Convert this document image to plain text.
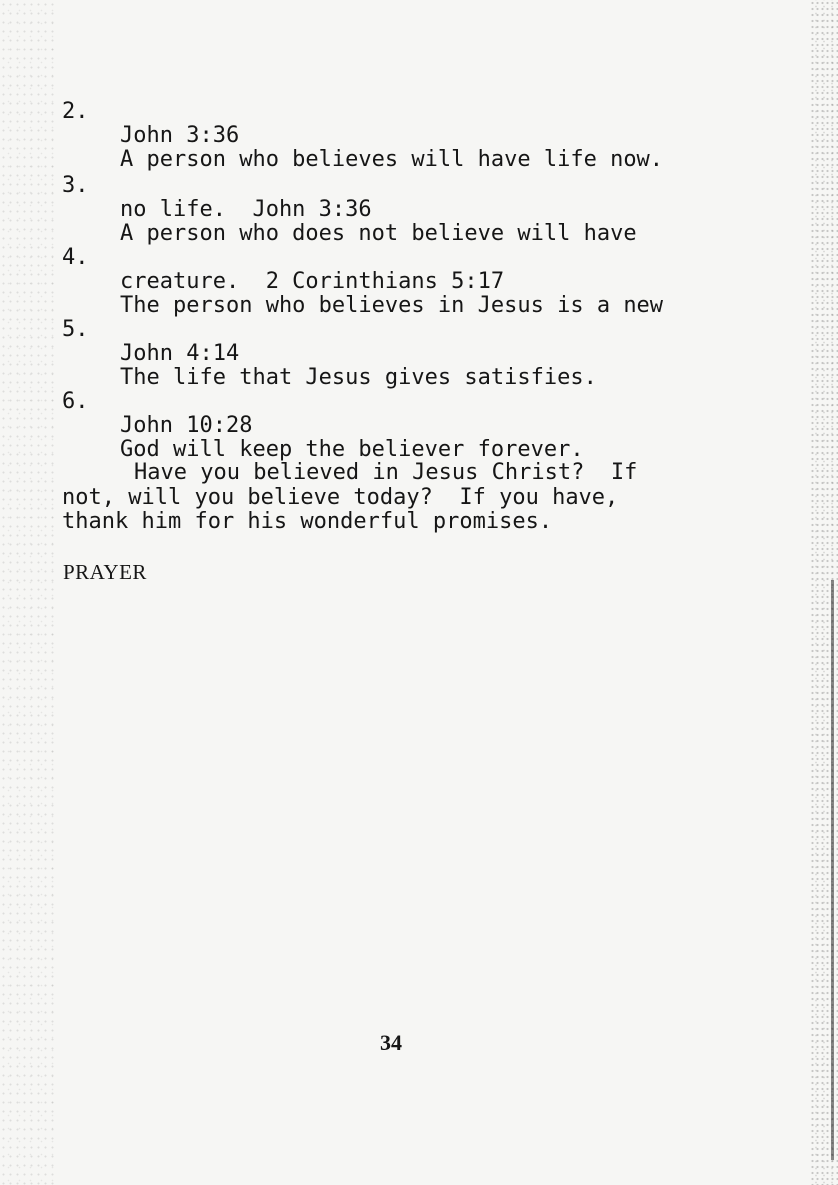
2.

A person who believes will have life now.

John 3:36

3.

A person who does not believe will have

no life.  John 3:36

4.

The person who believes in Jesus is a new

creature.  2 Corinthians 5:17

5.

The life that Jesus gives satisfies.

John 4:14

6.

God will keep the believer forever.

John 10:28

Have you believed in Jesus Christ?  If

not, will you believe today?  If you have,

thank him for his wonderful promises.

PRAYER
34
